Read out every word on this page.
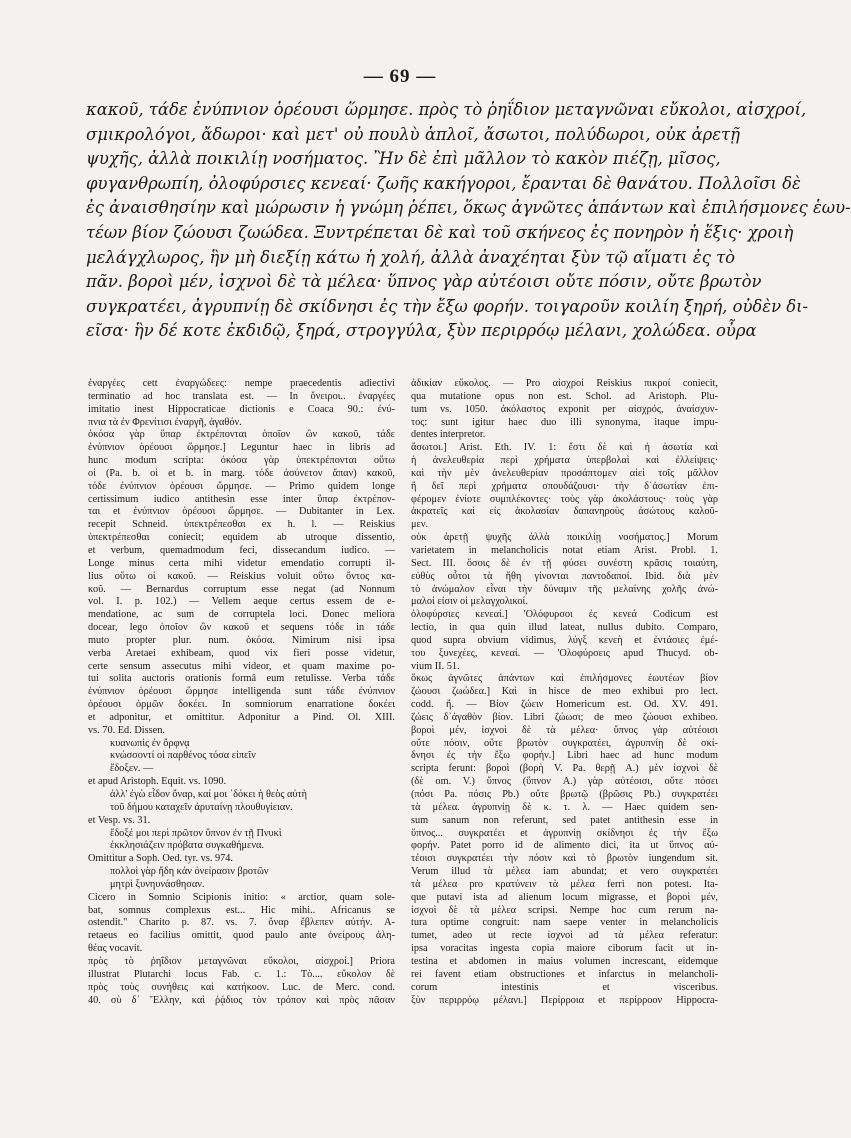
— 69 —
κακοῦ, τάδε ἐνύπνιον ὁρέουσι ὥρμησε. πρὸς τὸ ῥηΐδιον μεταγνῶναι εὔκολοι, αἰσχροί,
σμικρολόγοι, ἄδωροι· καὶ μετ' οὐ πουλὺ ἁπλοῖ, ἄσωτοι, πολύδωροι, οὐκ ἀρετῇ
ψυχῆς, ἀλλὰ ποικιλίῃ νοσήματος. Ἢν δὲ ἐπὶ μᾶλλον τὸ κακὸν πιέζῃ, μῖσος,
φυγανθρωπίη, ὀλοφύρσιες κενεαί· ζωῆς κακήγοροι, ἔρανται δὲ θανάτου. Πολλοῖσι δὲ
ἐς ἀναισθησίην καὶ μώρωσιν ἡ γνώμη ῥέπει, ὅκως ἀγνῶτες ἁπάντων καὶ ἐπιλήσμονες ἑωυ-
τέων βίον ζώουσι ζωώδεα. Ξυντρέπεται δὲ καὶ τοῦ σκήνεος ἐς πονηρὸν ἡ ἕξις· χροιὴ
μελάγχλωρος, ἣν μὴ διεξίῃ κάτω ἡ χολή, ἀλλὰ ἀναχέηται ξὺν τῷ αἵματι ἐς τὸ
πᾶν. βοροὶ μέν, ἰσχνοὶ δὲ τὰ μέλεα· ὕπνος γὰρ αὐτέοισι οὔτε πόσιν, οὔτε βρωτὸν
συγκρατέει, ἀγρυπνίῃ δὲ σκίδνησι ἐς τὴν ἔξω φορήν. τοιγαροῦν κοιλίη ξηρή, οὐδὲν δι-
εῖσα· ἣν δέ κοτε ἐκδιδῷ, ξηρά, στρογγύλα, ξὺν περιρρόῳ μέλανι, χολώδεα. οὖρα
ἐναργέες cett ἐναργώδεες: nempe praecedentis adiectivi
terminatio ad hoc translata est. — In ὄνειροι.. ἐναργέες
imitatio inest Hippocraticae dictionis e Coaca 90.: ἐνύ-
πνια τὰ ἐν Φρενίτισι ἐναργῆ, ἀγαθόν.
ὁκόσα γὰρ ὕπαρ ἐκτρέπονται ὁποῖον ὢν κακοῦ, τάδε
ἐνύπνιον ὁρέουσι ὥρμησε.] Leguntur haec in libris ad
hunc modum scripta: ὁκόσα γὰρ ὑπεκτρέπονται οὕτω
οἱ (Pa. b. οἱ et b. in marg. τόδε ἀσύνετον ἅπαν) κακοῦ,
τόδε ἐνύπνιον ὁρέουσι ὥρμησε. — Primo quidem longe
certissimum iudico antithesin esse inter ὕπαρ ἐκτρέπον-
ται et ἐνύπνιον ὁρέουσι ὥρμησε. — Dubitanter in Lex.
recepit Schneid. ὑπεκτρέπεσθαι ex h. l. — Reiskius
ὑπεκτρέπεσθαι coniecit; equidem ab utroque dissentio,
et verbum, quemadmodum feci, dissecandum iudico. —
Longe minus certa mihi videtur emendatio corrupti il-
lius οὕτω οἱ κακοῦ. — Reiskius voluit οὕτω ὄντος κα-
κοῦ. — Bernardus corruptum esse negat (ad Nonnum
vol. I. p. 102.) — Vellem aeque certus essem de e-
mendatione, ac sum de corruptela loci. Donec meliora
docear, lego ὁποῖον ὢν κακοῦ et sequens τόδε in τάδε
muto propter plur. num. ὁκόσα. Nimirum nisi ipsa
verba Aretaei exhibeam, quod vix fieri posse videtur,
certe sensum assecutus mihi videor, et quam maxime po-
tui solita auctoris orationis formâ eum retulisse. Verba τάδε
ἐνύπνιον ὁρέουσι ὥρμησε intelligenda sunt τάδε ἐνύπνιον
ὁρέουσι ὁρμῶν δοκέει. In somniorum enarratione δοκέει
et adponitur, et omittitur. Adponitur a Pind. Ol. XIII.
vs. 70. Ed. Dissen.
κυανωπὶς ἐν ὄρφνᾳ
κνώσσοντί οἱ παρθένος τόσα εἰπεῖν
ἔδοξεν. —
et apud Aristoph. Equit. vs. 1090.
ἀλλ' ἐγὼ εἶδον ὄναρ, καί μοι ᾽δόκει ἡ θεὸς αὐτὴ
τοῦ δήμου καταχεῖν ἀρυταίνῃ πλουθυγίειαν.
et Vesp. vs. 31.
ἔδοξέ μοι περὶ πρῶτον ὕπνον ἐν τῇ Πνυκὶ
ἐκκλησιάζειν πρόβατα συγκαθήμενα.
Omittitur a Soph. Oed. tyr. vs. 974.
πολλοὶ γὰρ ἤδη κἀν ὀνείρασιν βροτῶν
μητρὶ ξυνηυνάσθησαν.
Cicero in Somnio Scipionis initio: « arctior, quam sole-
bat, somnus complexus est... Hic mihi.. Africanus se
ostendit." Charito p. 87. vs. 7. ὄναρ ἔβλεπεν αὐτήν. A-
retaeus eo facilius omittit, quod paulo ante ὀνείρους ἀλη-
θέας vocavit.
πρὸς τὸ ῥηΐδιον μεταγνῶναι εὔκολοι, αἰσχροί.] Priora
illustrat Plutarchi locus Fab. c. 1.: Τὸ.... εὔκολον δὲ
πρὸς τοὺς συνήθεις καὶ κατήκοον. Luc. de Merc. cond.
40. σὺ δ᾽ Ἕλλην, καὶ ῥᾴδιος τὸν τρόπον καὶ πρὸς πᾶσαν
ἀδικίαν εὔκολος. — Pro αἰσχροί Reiskius πικροί coniecit,
qua mutatione opus non est. Schol. ad Aristoph. Plu-
tum vs. 1050. ἀκόλαστος exponit per αἰσχρός, ἀναίσχυν-
τος: sunt igitur haec duo illi synonyma, itaque impu-
dentes interpretor.
ἄσωτοι.] Arist. Eth. IV. 1: ἔστι δὲ καὶ ἡ ἀσωτία καὶ
ἡ ἀνελευθερία περὶ χρήματα ὑπερβολαὶ καὶ ἐλλείψεις·
καὶ τὴν μὲν ἀνελευθερίαν προσάπτομεν αἰεὶ τοῖς μᾶλλον
ἢ δεῖ περὶ χρήματα σπουδάζουσι· τὴν δ᾽ἀσωτίαν ἐπι-
φέρομεν ἐνίοτε συμπλέκοντες· τοὺς γὰρ ἀκολάστους· τοὺς γὰρ
ἀκρατεῖς καὶ εἰς ἀκολασίαν δαπανηροὺς ἀσώτους καλοῦ-
μεν.
οὐκ ἀρετῇ ψυχῆς ἀλλὰ ποικιλίῃ νοσήματος.] Morum
varietatem in melancholicis notat etiam Arist. Probl. 1.
Sect. III. ὅσοις δὲ ἐν τῇ φύσει συνέστη κρᾶσις τοιαύτη,
εὐθὺς οὗτοι τὰ ἤθη γίνονται παντοδαποί. Ibid. διὰ μὲν
τὸ ἀνώμαλον εἶναι τὴν δύναμιν τῆς μελαίνης χολῆς ἀνώ-
μαλοί εἰσιν οἱ μελαγχολικοί.
ὀλοφύρσιες κενεαί.] 'Ολόφυρσοι ἐς κενεά Codicum est
lectio, in qua quin illud lateat, nullus dubito. Comparo,
quod supra obvium vidimus, λύγξ κενεὴ et ἐντάσιες ἐμέ-
του ξυνεχέες, κενεαί. — 'Ολοφύρσεις apud Thucyd. ob-
vium II. 51.
ὅκως ἀγνῶτες ἁπάντων καὶ ἐπιλήσμονες ἑωυτέων βίον
ζώουσι ζωώδεα.] Καὶ in hisce de meo exhibui pro lect.
codd. ἤ. — Βίον ζώειν Homericum est. Od. XV. 491.
ζώεις δ᾽ἀγαθὸν βίον. Libri ζώωσι; de meo ζώουσι exhibeo.
βοροὶ μέν, ἰσχνοὶ δὲ τὰ μέλεα· ὕπνος γὰρ αὐτέοισι
οὔτε πόσιν, οὔτε βρωτὸν συγκρατέει, ἀγρυπνίῃ δὲ σκί-
δνησι ἐς τὴν ἔξω φορήν.] Libri haec ad hunc modum
scripta ferunt: βοροὶ (βορὴ V. Pa. θερῇ A.) μὲν ἰσχνοὶ δὲ
(δὲ om. V.) ὕπνος (ὕπνον A.) γὰρ αὐτέοισι, οὔτε πόσει
(πόσι Pa. πόσις Pb.) οὔτε βρωτῷ (βρῶσις Pb.) συγκρατέει
τὰ μέλεα. ἀγρυπνίῃ δὲ κ. τ. λ. — Haec quidem sen-
sum sanum non referunt, sed patet antithesin esse in
ὕπνος... συγκρατέει et ἀγρυπνίῃ σκίδνησι ἐς τὴν ἔξω
φορήν. Patet porro id de alimento dici, ita ut ὕπνος αὐ-
τέοισι συγκρατέει τὴν πόσιν καὶ τὸ βρωτὸν iungendum sit.
Verum illud τὰ μέλεα iam abundat; et vero συγκρατέει
τὰ μέλεα pro κρατύνειν τὰ μέλεα ferri non potest. Ita-
que putavi ista ad alienum locum migrasse, et βοροὶ μέν,
ἰσχνοὶ δὲ τὰ μέλεα scripsi. Nempe hoc cum rerum na-
tura optime congruit: nam saepe venter in melancholicis
tumet, adeo ut recte ἰσχνοὶ ad τὰ μέλεα referatur:
ipsa voracitas ingesta copia maiore ciborum facit ut in-
testina et abdomen in maius volumen increscant, eidemque
rei favent etiam obstructiones et infarctus in melancholi-
corum intestinis et visceribus.
ξὺν περιρρόῳ μέλανι.] Περίρροια et περίρροον Hippocra-
